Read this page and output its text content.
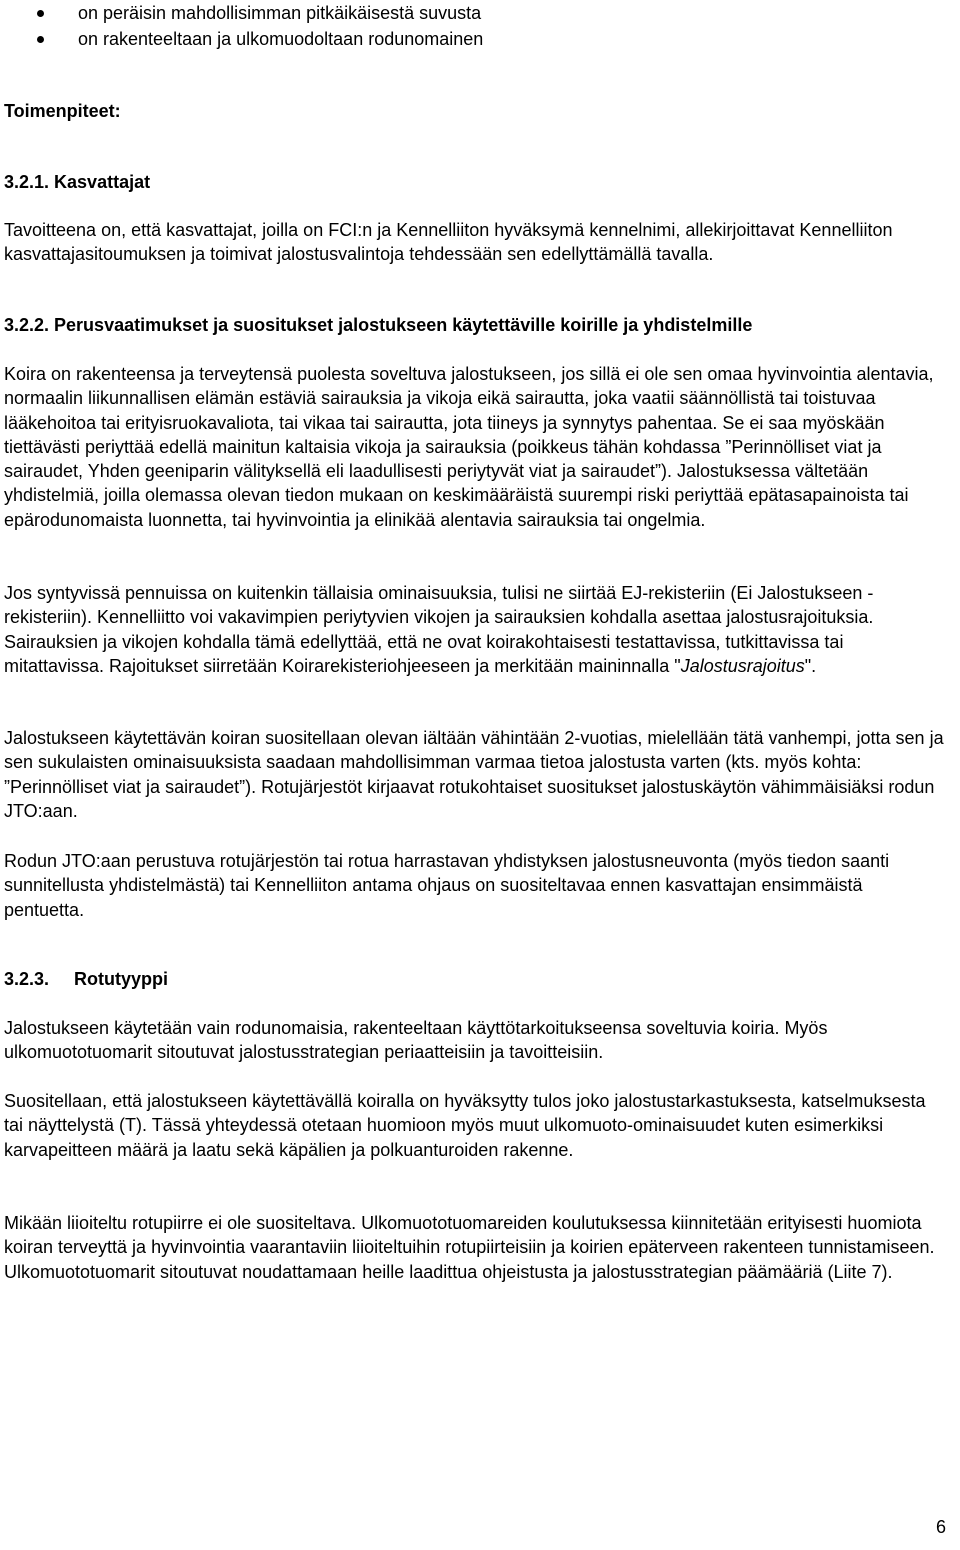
on peräisin mahdollisimman pitkäikäisestä suvusta
on rakenteeltaan ja ulkomuodoltaan rodunomainen

Toimenpiteet:

3.2.1. Kasvattajat

Tavoitteena on, että kasvattajat, joilla on FCI:n ja Kennelliiton hyväksymä kennelnimi, allekirjoittavat Kennelliiton kasvattajasitoumuksen ja toimivat jalostusvalintoja tehdessään sen edellyttämällä tavalla.

3.2.2. Perusvaatimukset ja suositukset jalostukseen käytettäville koirille ja yhdistelmille

Koira on rakenteensa ja terveytensä puolesta soveltuva jalostukseen, jos sillä ei ole sen omaa hyvinvointia alentavia, normaalin liikunnallisen elämän estäviä sairauksia ja vikoja eikä sairautta, joka vaatii säännöllistä tai toistuvaa lääkehoitoa tai erityisruokavaliota, tai vikaa tai sairautta, jota tiineys ja synnytys pahentaa. Se ei saa myöskään tiettävästi periyttää edellä mainitun kaltaisia vikoja ja sairauksia (poikkeus tähän kohdassa ”Perinnölliset viat ja sairaudet, Yhden geeniparin välityksellä eli laadullisesti periytyvät viat ja sairaudet”). Jalostuksessa vältetään yhdistelmiä, joilla olemassa olevan tiedon mukaan on keskimääräistä suurempi riski periyttää epätasapainoista tai epärodunomaista luonnetta, tai hyvinvointia ja elinikää alentavia sairauksia tai ongelmia.

Jos syntyvissä pennuissa on kuitenkin tällaisia ominaisuuksia, tulisi ne siirtää EJ-rekisteriin (Ei Jalostukseen -rekisteriin). Kennelliitto voi vakavimpien periytyvien vikojen ja sairauksien kohdalla asettaa jalostusrajoituksia. Sairauksien ja vikojen kohdalla tämä edellyttää, että ne ovat koirakohtaisesti testattavissa, tutkittavissa tai mitattavissa. Rajoitukset siirretään Koirarekisteriohjeeseen ja merkitään maininnalla "Jalostusrajoitus".

Jalostukseen käytettävän koiran suositellaan olevan iältään vähintään 2-vuotias, mielellään tätä vanhempi, jotta sen ja sen sukulaisten ominaisuuksista saadaan mahdollisimman varmaa tietoa jalostusta varten (kts. myös kohta: ”Perinnölliset viat ja sairaudet”). Rotujärjestöt kirjaavat rotukohtaiset suositukset jalostuskäytön vähimmäisiäksi rodun JTO:aan.

Rodun JTO:aan perustuva rotujärjestön tai rotua harrastavan yhdistyksen jalostusneuvonta (myös tiedon saanti sunnitellusta yhdistelmästä) tai Kennelliiton antama ohjaus on suositeltavaa ennen kasvattajan ensimmäistä pentuetta.

3.2.3. Rotutyyppi

Jalostukseen käytetään vain rodunomaisia, rakenteeltaan käyttötarkoitukseensa soveltuvia koiria. Myös ulkomuototuomarit sitoutuvat jalostusstrategian periaatteisiin ja tavoitteisiin.

Suositellaan, että jalostukseen käytettävällä koiralla on hyväksytty tulos joko jalostustarkastuksesta, katselmuksesta tai näyttelystä (T). Tässä yhteydessä otetaan huomioon myös muut ulkomuoto-ominaisuudet kuten esimerkiksi karvapeitteen määrä ja laatu sekä käpälien ja polkuanturoiden rakenne.

Mikään liioiteltu rotupiirre ei ole suositeltava. Ulkomuototuomareiden koulutuksessa kiinnitetään erityisesti huomiota koiran terveyttä ja hyvinvointia vaarantaviin liioiteltuihin rotupiirteisiin ja koirien epäterveen rakenteen tunnistamiseen. Ulkomuototuomarit sitoutuvat noudattamaan heille laadittua ohjeistusta ja jalostusstrategian päämääriä (Liite 7).

6
